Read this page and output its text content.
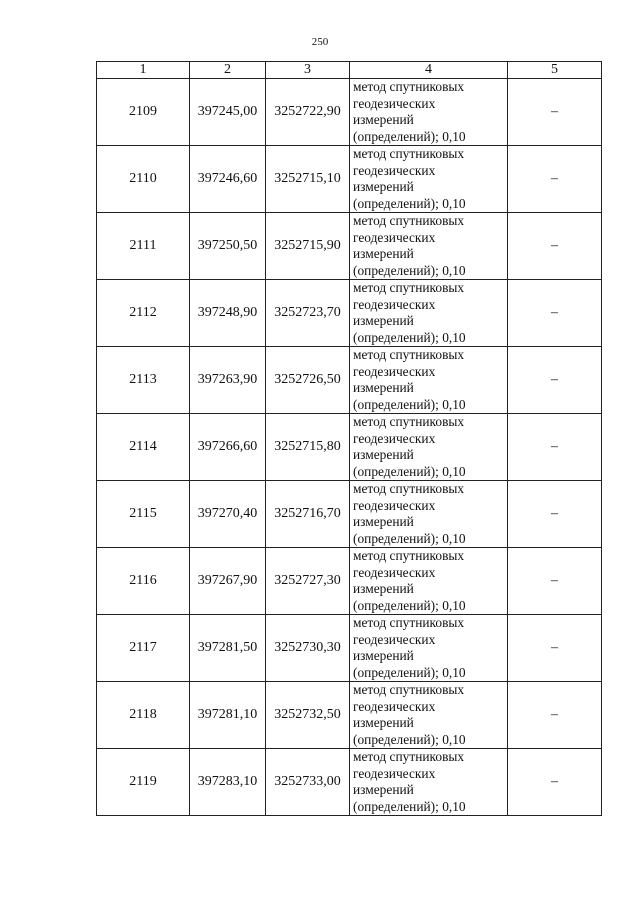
250
1	2	3	4	5
2109	397245,00	3252722,90	метод спутниковых
геодезических
измерений
(определений); 0,10	–
2110	397246,60	3252715,10	метод спутниковых
геодезических
измерений
(определений); 0,10	–
2111	397250,50	3252715,90	метод спутниковых
геодезических
измерений
(определений); 0,10	–
2112	397248,90	3252723,70	метод спутниковых
геодезических
измерений
(определений); 0,10	–
2113	397263,90	3252726,50	метод спутниковых
геодезических
измерений
(определений); 0,10	–
2114	397266,60	3252715,80	метод спутниковых
геодезических
измерений
(определений); 0,10	–
2115	397270,40	3252716,70	метод спутниковых
геодезических
измерений
(определений); 0,10	–
2116	397267,90	3252727,30	метод спутниковых
геодезических
измерений
(определений); 0,10	–
2117	397281,50	3252730,30	метод спутниковых
геодезических
измерений
(определений); 0,10	–
2118	397281,10	3252732,50	метод спутниковых
геодезических
измерений
(определений); 0,10	–
2119	397283,10	3252733,00	метод спутниковых
геодезических
измерений
(определений); 0,10	–
